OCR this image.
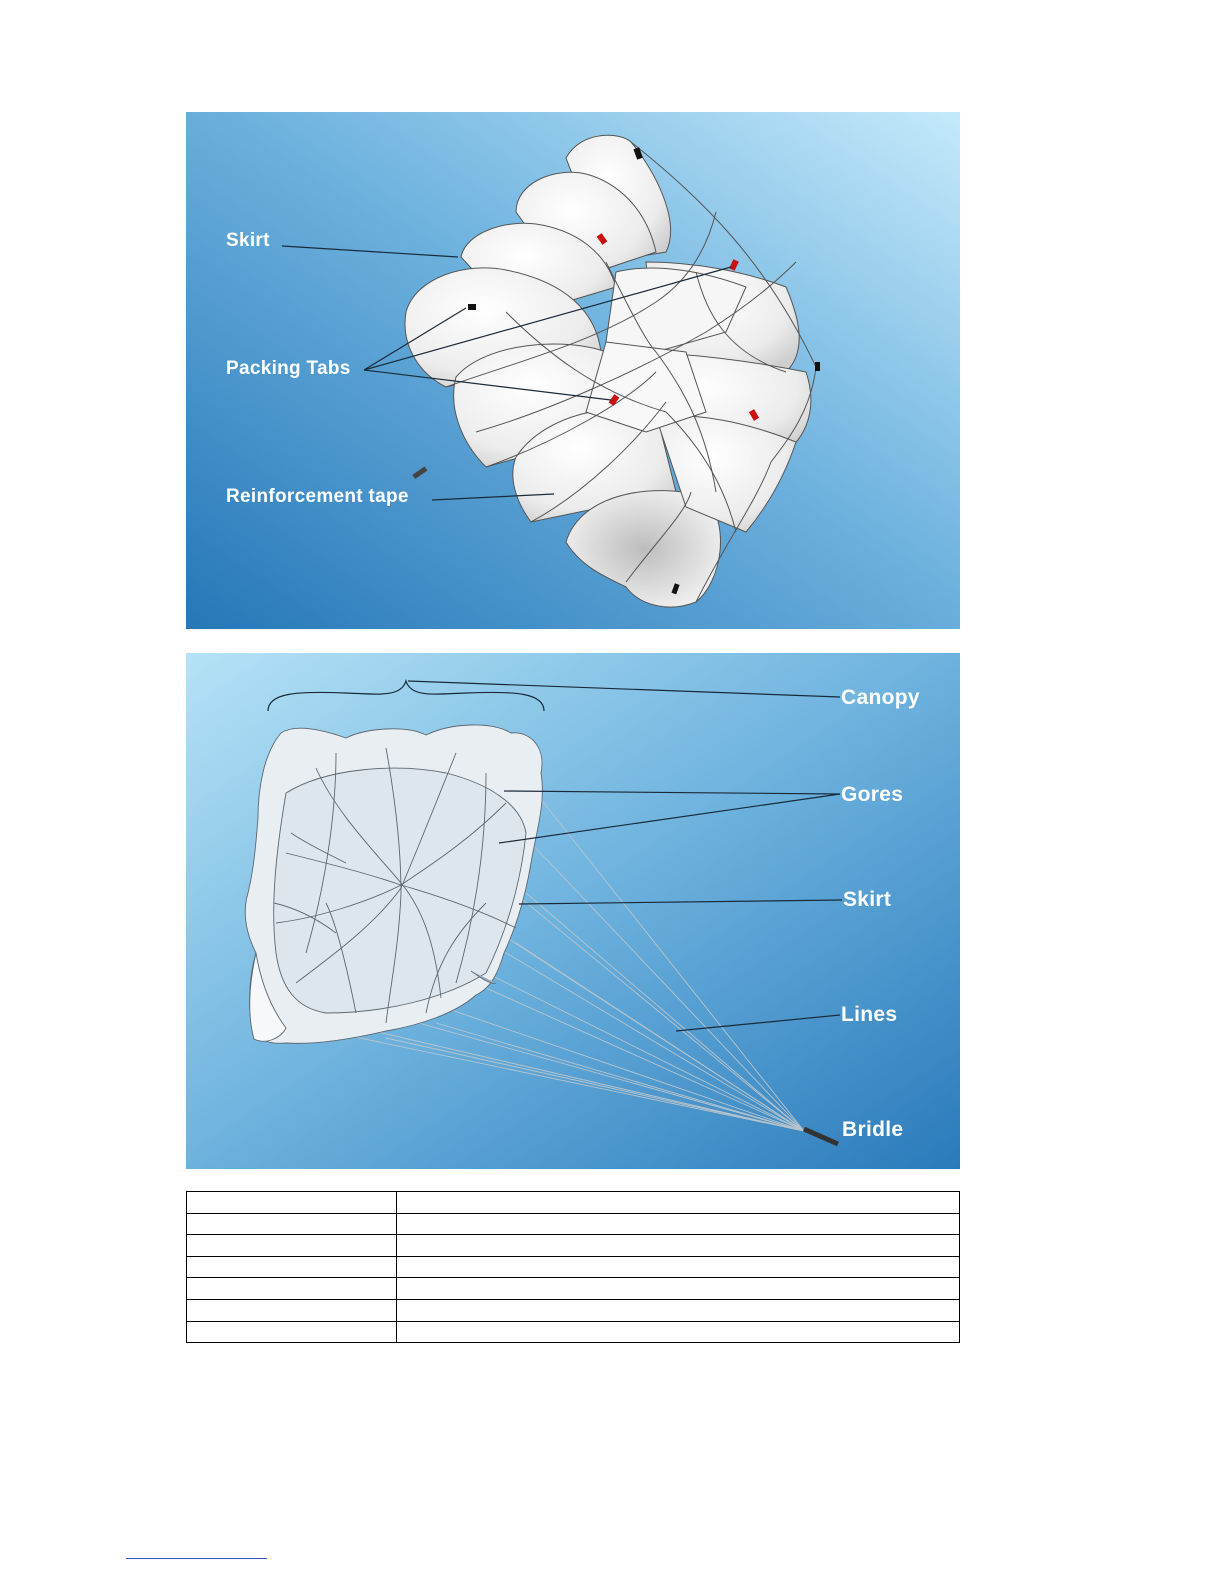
Skirt
Packing Tabs
Reinforcement tape
Canopy
Gores
Skirt
Lines
Bridle
